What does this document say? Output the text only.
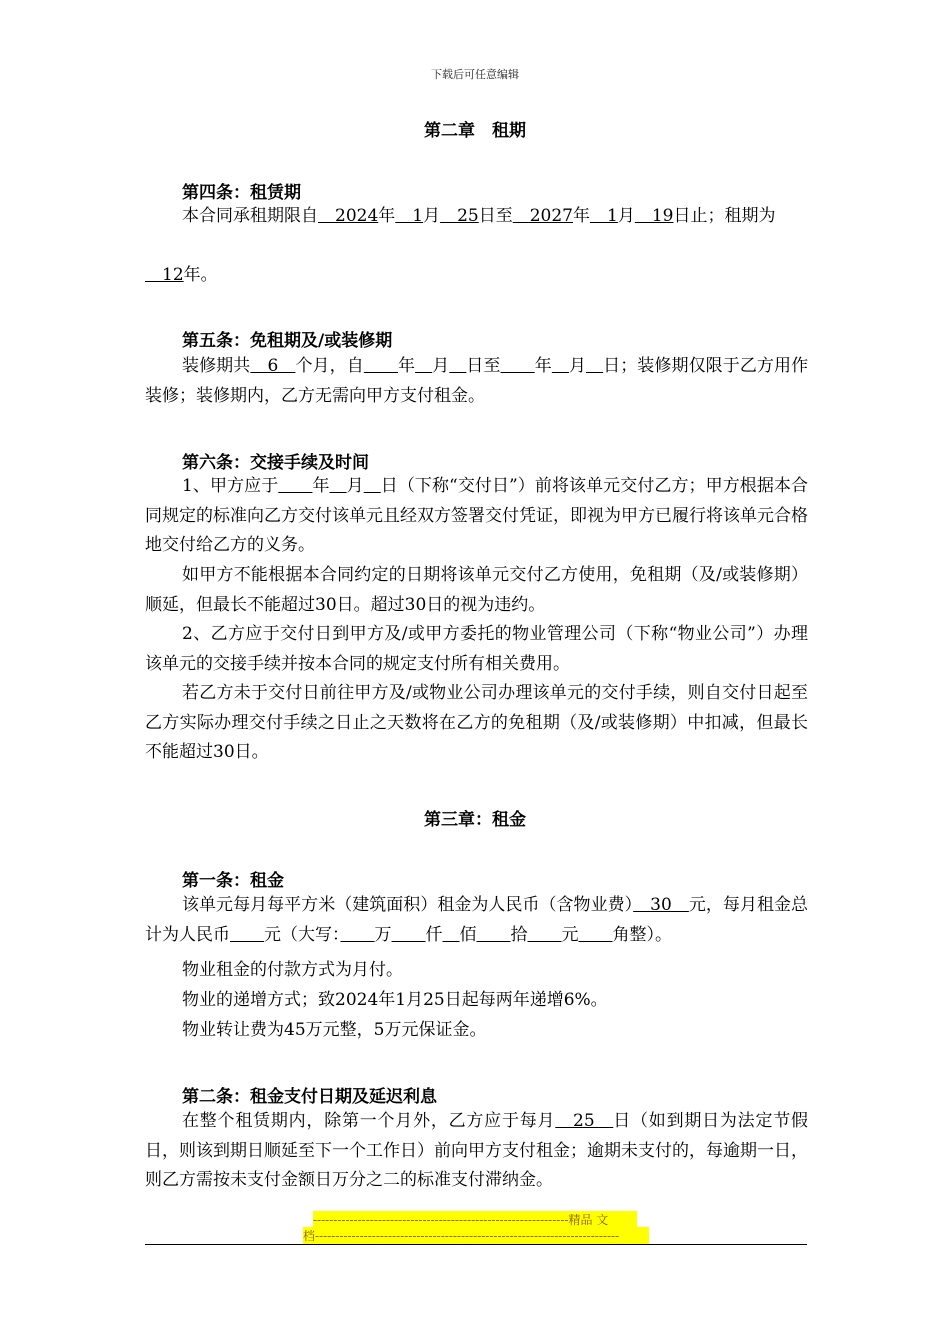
下载后可任意编辑
第二章　租期
第四条：租赁期
本合同承租期限自　2024年　1月　25日至　2027年　1月　19日止；租期为
　12年。
第五条：免租期及/或装修期
装修期共　6　个月，自　　 年　 月　 日至　　 年　 月　 日；装修期仅限于乙方用作装修；装修期内，乙方无需向甲方支付租金。
第六条：交接手续及时间
1、甲方应于　　 年　 月　 日（下称“交付日”）前将该单元交付乙方；甲方根据本合同规定的标准向乙方交付该单元且经双方签署交付凭证，即视为甲方已履行将该单元合格地交付给乙方的义务。
如甲方不能根据本合同约定的日期将该单元交付乙方使用，免租期（及/或装修期）顺延，但最长不能超过30日。超过30日的视为违约。
2、乙方应于交付日到甲方及/或甲方委托的物业管理公司（下称“物业公司”）办理该单元的交接手续并按本合同的规定支付所有相关费用。
若乙方未于交付日前往甲方及/或物业公司办理该单元的交付手续，则自交付日起至乙方实际办理交付手续之日止之天数将在乙方的免租期（及/或装修期）中扣减，但最长不能超过30日。
第三章：租金
第一条：租金
该单元每月每平方米（建筑面积）租金为人民币（含物业费）　30　元，每月租金总计为人民币　　 元（大写：　　 万　　 仟　 佰　　 拾　　 元　　 角整）。
物业租金的付款方式为月付。
物业的递增方式；致2024年1月25日起每两年递增6%。
物业转让费为45万元整，5万元保证金。
第二条：租金支付日期及延迟利息
在整个租赁期内，除第一个月外，乙方应于每月　25　日（如到期日为法定节假日，则该到期日顺延至下一个工作日）前向甲方支付租金；逾期未支付的，每逾期一日，则乙方需按未支付金额日万分之二的标准支付滞纳金。
---------------------------------------------------------------精品 文
档---------------------------------------------------------------------------
